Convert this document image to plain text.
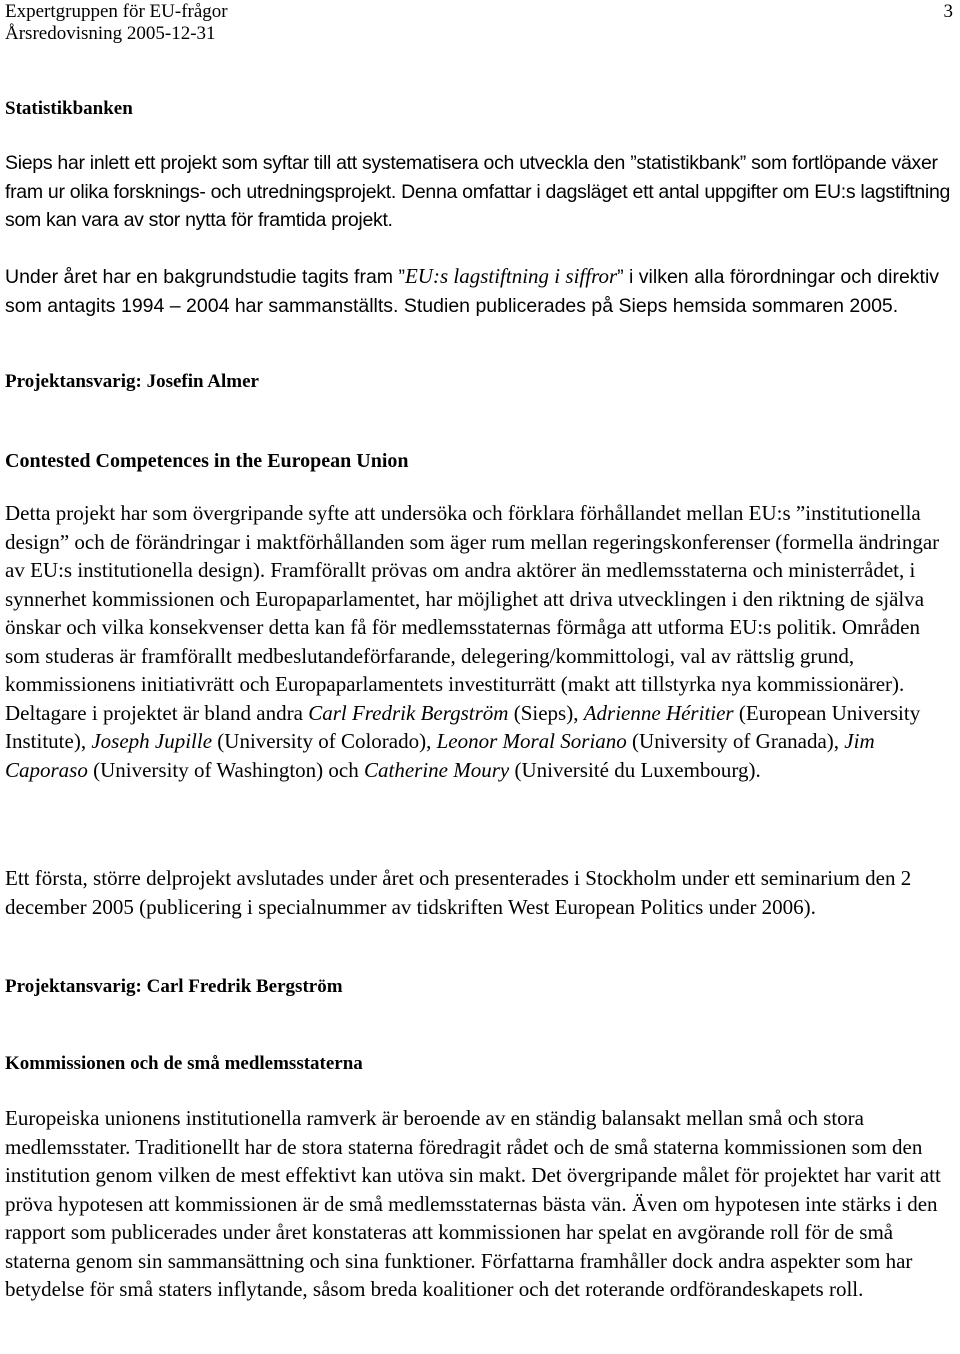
Expertgruppen för EU-frågor
Årsredovisning 2005-12-31
3
Statistikbanken

Sieps har inlett ett projekt som syftar till att systematisera och utveckla den ”statistikbank” som fortlöpande växer fram ur olika forsknings- och utredningsprojekt. Denna omfattar i dagsläget ett antal uppgifter om EU:s lagstiftning som kan vara av stor nytta för framtida projekt.

Under året har en bakgrundstudie tagits fram ”EU:s lagstiftning i siffror” i vilken alla förordningar och direktiv som antagits 1994 – 2004 har sammanställts. Studien publicerades på Sieps hemsida sommaren 2005.

Projektansvarig: Josefin Almer

Contested Competences in the European Union

Detta projekt har som övergripande syfte att undersöka och förklara förhållandet mellan EU:s ”institutionella design” och de förändringar i maktförhållanden som äger rum mellan regeringskonferenser (formella ändringar av EU:s institutionella design). Framförallt prövas om andra aktörer än medlemsstaterna och ministerrådet, i synnerhet kommissionen och Europaparlamentet, har möjlighet att driva utvecklingen i den riktning de själva önskar och vilka konsekvenser detta kan få för medlemsstaternas förmåga att utforma EU:s politik. Områden som studeras är framförallt medbeslutandeförfarande, delegering/kommittologi, val av rättslig grund, kommissionens initiativrätt och Europaparlamentets investiturrätt (makt att tillstyrka nya kommissionärer). Deltagare i projektet är bland andra Carl Fredrik Bergström (Sieps), Adrienne Héritier (European University Institute), Joseph Jupille (University of Colorado), Leonor Moral Soriano (University of Granada), Jim Caporaso (University of Washington) och Catherine Moury (Université du Luxembourg).

Ett första, större delprojekt avslutades under året och presenterades i Stockholm under ett seminarium den 2 december 2005 (publicering i specialnummer av tidskriften West European Politics under 2006).

Projektansvarig: Carl Fredrik Bergström

Kommissionen och de små medlemsstaterna

Europeiska unionens institutionella ramverk är beroende av en ständig balansakt mellan små och stora medlemsstater. Traditionellt har de stora staterna föredragit rådet och de små staterna kommissionen som den institution genom vilken de mest effektivt kan utöva sin makt. Det övergripande målet för projektet har varit att pröva hypotesen att kommissionen är de små medlemsstaternas bästa vän. Även om hypotesen inte stärks i den rapport som publicerades under året konstateras att kommissionen har spelat en avgörande roll för de små staterna genom sin sammansättning och sina funktioner. Författarna framhåller dock andra aspekter som har betydelse för små staters inflytande, såsom breda koalitioner och det roterande ordförandeskapets roll.
